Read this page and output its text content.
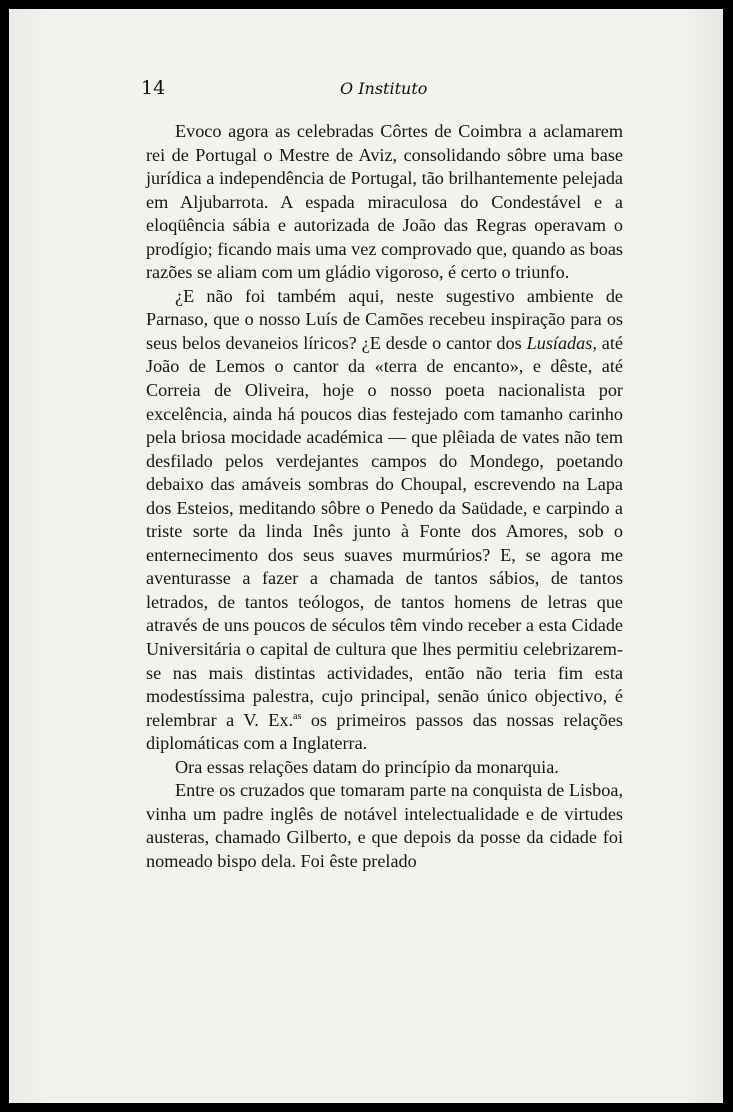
14	O Instituto

Evoco agora as celebradas Côrtes de Coimbra a aclamarem rei de Portugal o Mestre de Aviz, consolidando sôbre uma base jurídica a independência de Portugal, tão brilhantemente pelejada em Aljubarrota. A espada miraculosa do Condestável e a eloqüência sábia e autorizada de João das Regras operavam o prodígio; ficando mais uma vez comprovado que, quando as boas razões se aliam com um gládio vigoroso, é certo o triunfo.

¿E não foi também aqui, neste sugestivo ambiente de Parnaso, que o nosso Luís de Camões recebeu inspiração para os seus belos devaneios líricos? ¿E desde o cantor dos Lusíadas, até João de Lemos o cantor da «terra de encanto», e dêste, até Correia de Oliveira, hoje o nosso poeta nacionalista por excelência, ainda há poucos dias festejado com tamanho carinho pela briosa mocidade académica — que plêiada de vates não tem desfilado pelos verdejantes campos do Mondego, poetando debaixo das amáveis sombras do Choupal, escrevendo na Lapa dos Esteios, meditando sôbre o Penedo da Saüdade, e carpindo a triste sorte da linda Inês junto à Fonte dos Amores, sob o enternecimento dos seus suaves murmúrios? E, se agora me aventurasse a fazer a chamada de tantos sábios, de tantos letrados, de tantos teólogos, de tantos homens de letras que através de uns poucos de séculos têm vindo receber a esta Cidade Universitária o capital de cultura que lhes permitiu celebrizarem-se nas mais distintas actividades, então não teria fim esta modestíssima palestra, cujo principal, senão único objectivo, é relembrar a V. Ex.$^{as}$ os primeiros passos das nossas relações diplomáticas com a Inglaterra.

Ora essas relações datam do princípio da monarquia.

Entre os cruzados que tomaram parte na conquista de Lisboa, vinha um padre inglês de notável intelectualidade e de virtudes austeras, chamado Gilberto, e que depois da posse da cidade foi nomeado bispo dela. Foi êste prelado
